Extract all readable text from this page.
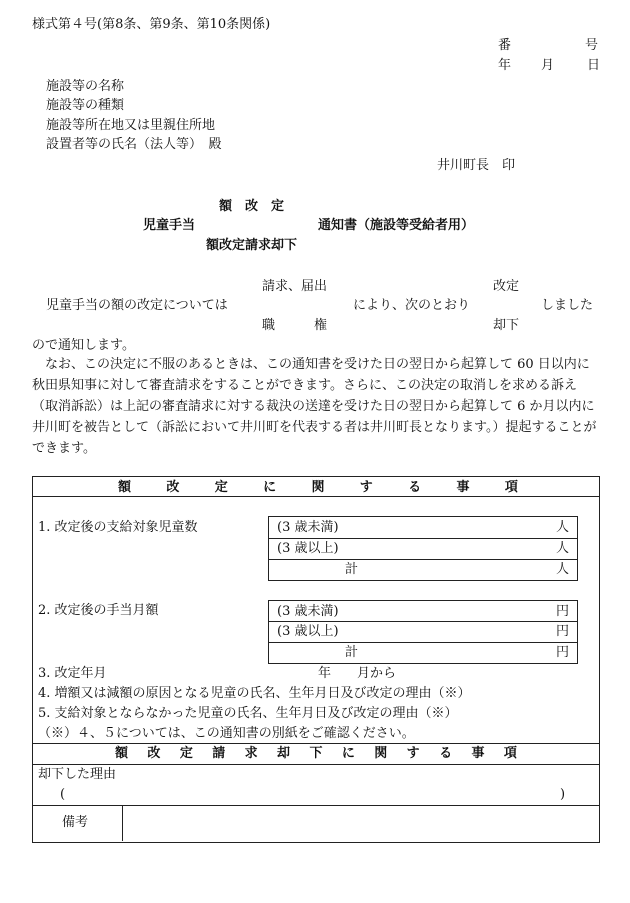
様式第４号(第8条、第9条、第10条関係)
番	号
年 月	日
施設等の名称
施設等の種類
施設等所在地又は里親住所地
設置者等の氏名（法人等）　殿
井川町長　印
額　改　定
児童手当	通知書（施設等受給者用）
額改定請求却下
請求、届出	改定
児童手当の額の改定については	により、次のとおり	しました
職　　　権	却下
ので通知します。
なお、この決定に不服のあるときは、この通知書を受けた日の翌日から起算して 60 日以内に秋田県知事に対して審査請求をすることができます。さらに、この決定の取消しを求める訴え（取消訴訟）は上記の審査請求に対する裁決の送達を受けた日の翌日から起算して 6 か月以内に井川町を被告として（訴訟において井川町を代表する者は井川町長となります。）提起することができます。
額	改	定	に	関	す	る	事	項
1. 改定後の支給対象児童数	(3 歳未満)	人
(3 歳以上)	人
計	人
2. 改定後の手当月額	(3 歳未満)	円
(3 歳以上)	円
計	円
3. 改定年月	年　　月から
4. 増額又は減額の原因となる児童の氏名、生年月日及び改定の理由（※）
5. 支給対象とならなかった児童の氏名、生年月日及び改定の理由（※）
（※）４、５については、この通知書の別紙をご確認ください。
額 改 定 請 求 却 下 に 関 す る 事 項
却下した理由
(	)
備考
